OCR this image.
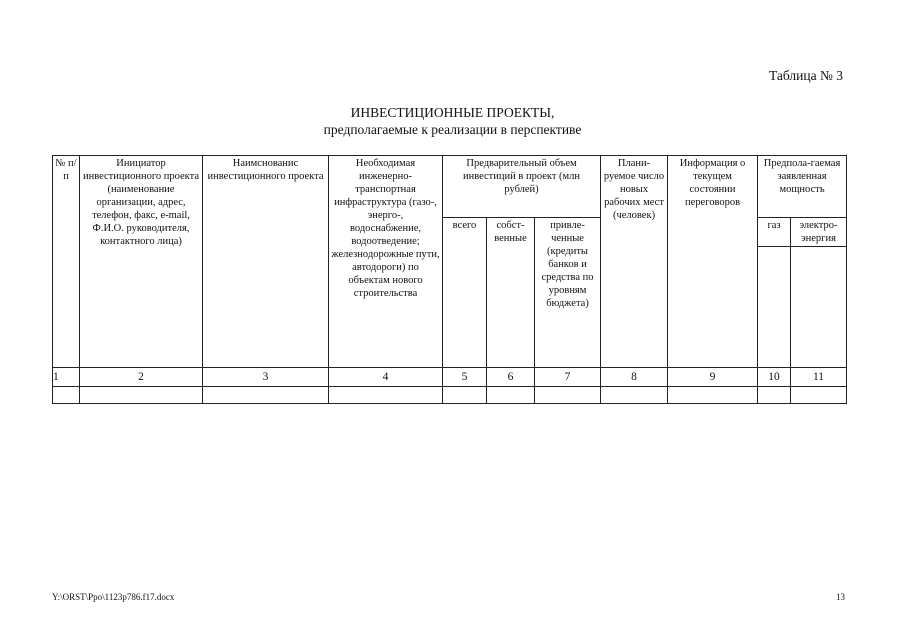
Таблица № 3
ИНВЕСТИЦИОННЫЕ ПРОЕКТЫ,
предполагаемые к реализации в перспективе
№ п/п	Инициатор инвестиционного проекта (наименование организации, адрес, телефон, факс, e-mail, Ф.И.О. руководителя, контактного лица)	Наимснованис инвестиционного проекта	Необходимая инженерно-транспортная инфраструктура (газо-, энерго-, водоснабжение, водоотведение; железнодорожные пути, автодороги) по объектам нового строительства	Предварительный объем инвестиций в проект (млн рублей)			Плани-руемое число новых рабочих мест (человек)	Информация о текущем состоянии переговоров	Предпола-гаемая заявленная мощность	
				всего	собст-венные	привле-ченные (кредиты банков и средства по уровням бюджета)			газ	электро-энергия

1	2	3	4	5	6	7	8	9	10	11

Y:\ORST\Ppo\1123p786.f17.docx	13
